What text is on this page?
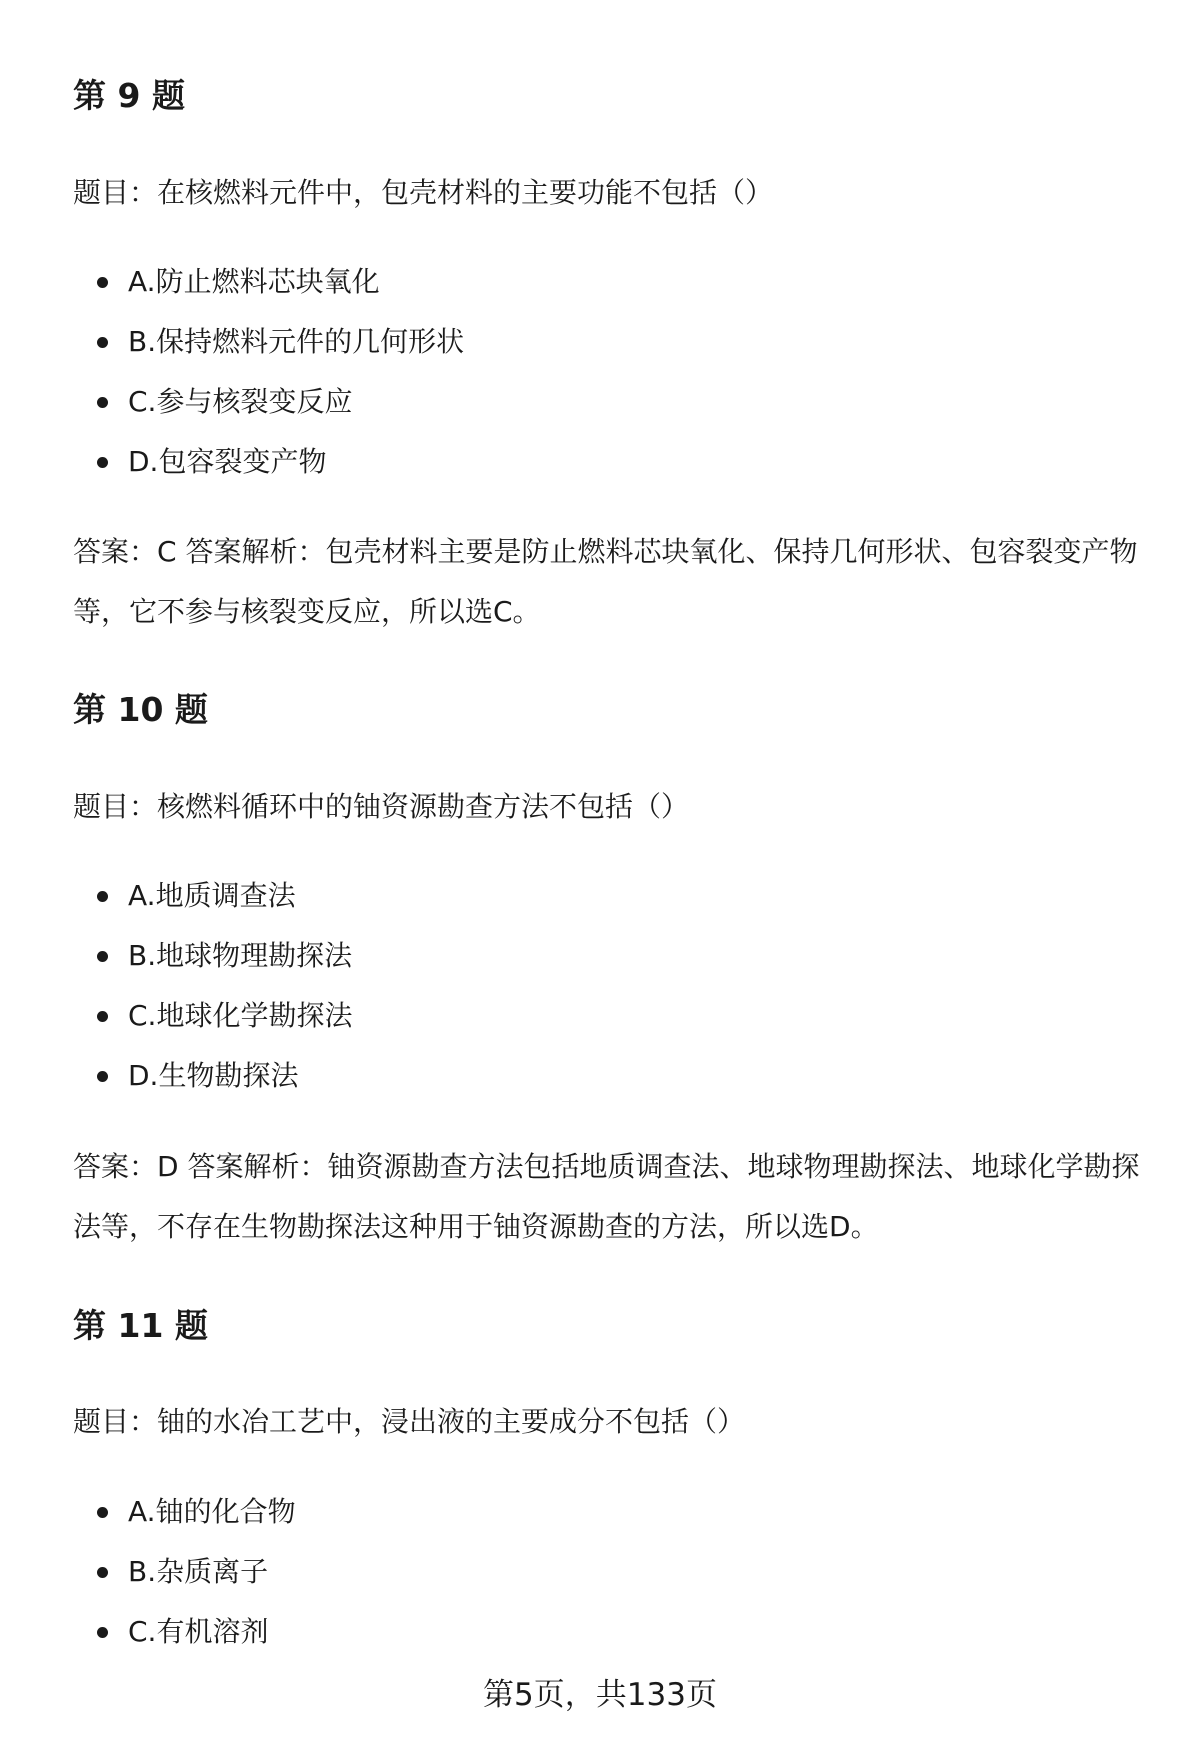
第 9 题

题目：在核燃料元件中，包壳材料的主要功能不包括（）

A.防止燃料芯块氧化
B.保持燃料元件的几何形状
C.参与核裂变反应
D.包容裂变产物

答案：C 答案解析：包壳材料主要是防止燃料芯块氧化、保持几何形状、包容裂变产物等，它不参与核裂变反应，所以选C。

第 10 题

题目：核燃料循环中的铀资源勘查方法不包括（）

A.地质调查法
B.地球物理勘探法
C.地球化学勘探法
D.生物勘探法

答案：D 答案解析：铀资源勘查方法包括地质调查法、地球物理勘探法、地球化学勘探法等，不存在生物勘探法这种用于铀资源勘查的方法，所以选D。

第 11 题

题目：铀的水冶工艺中，浸出液的主要成分不包括（）

A.铀的化合物
B.杂质离子
C.有机溶剂
第5页，共133页
